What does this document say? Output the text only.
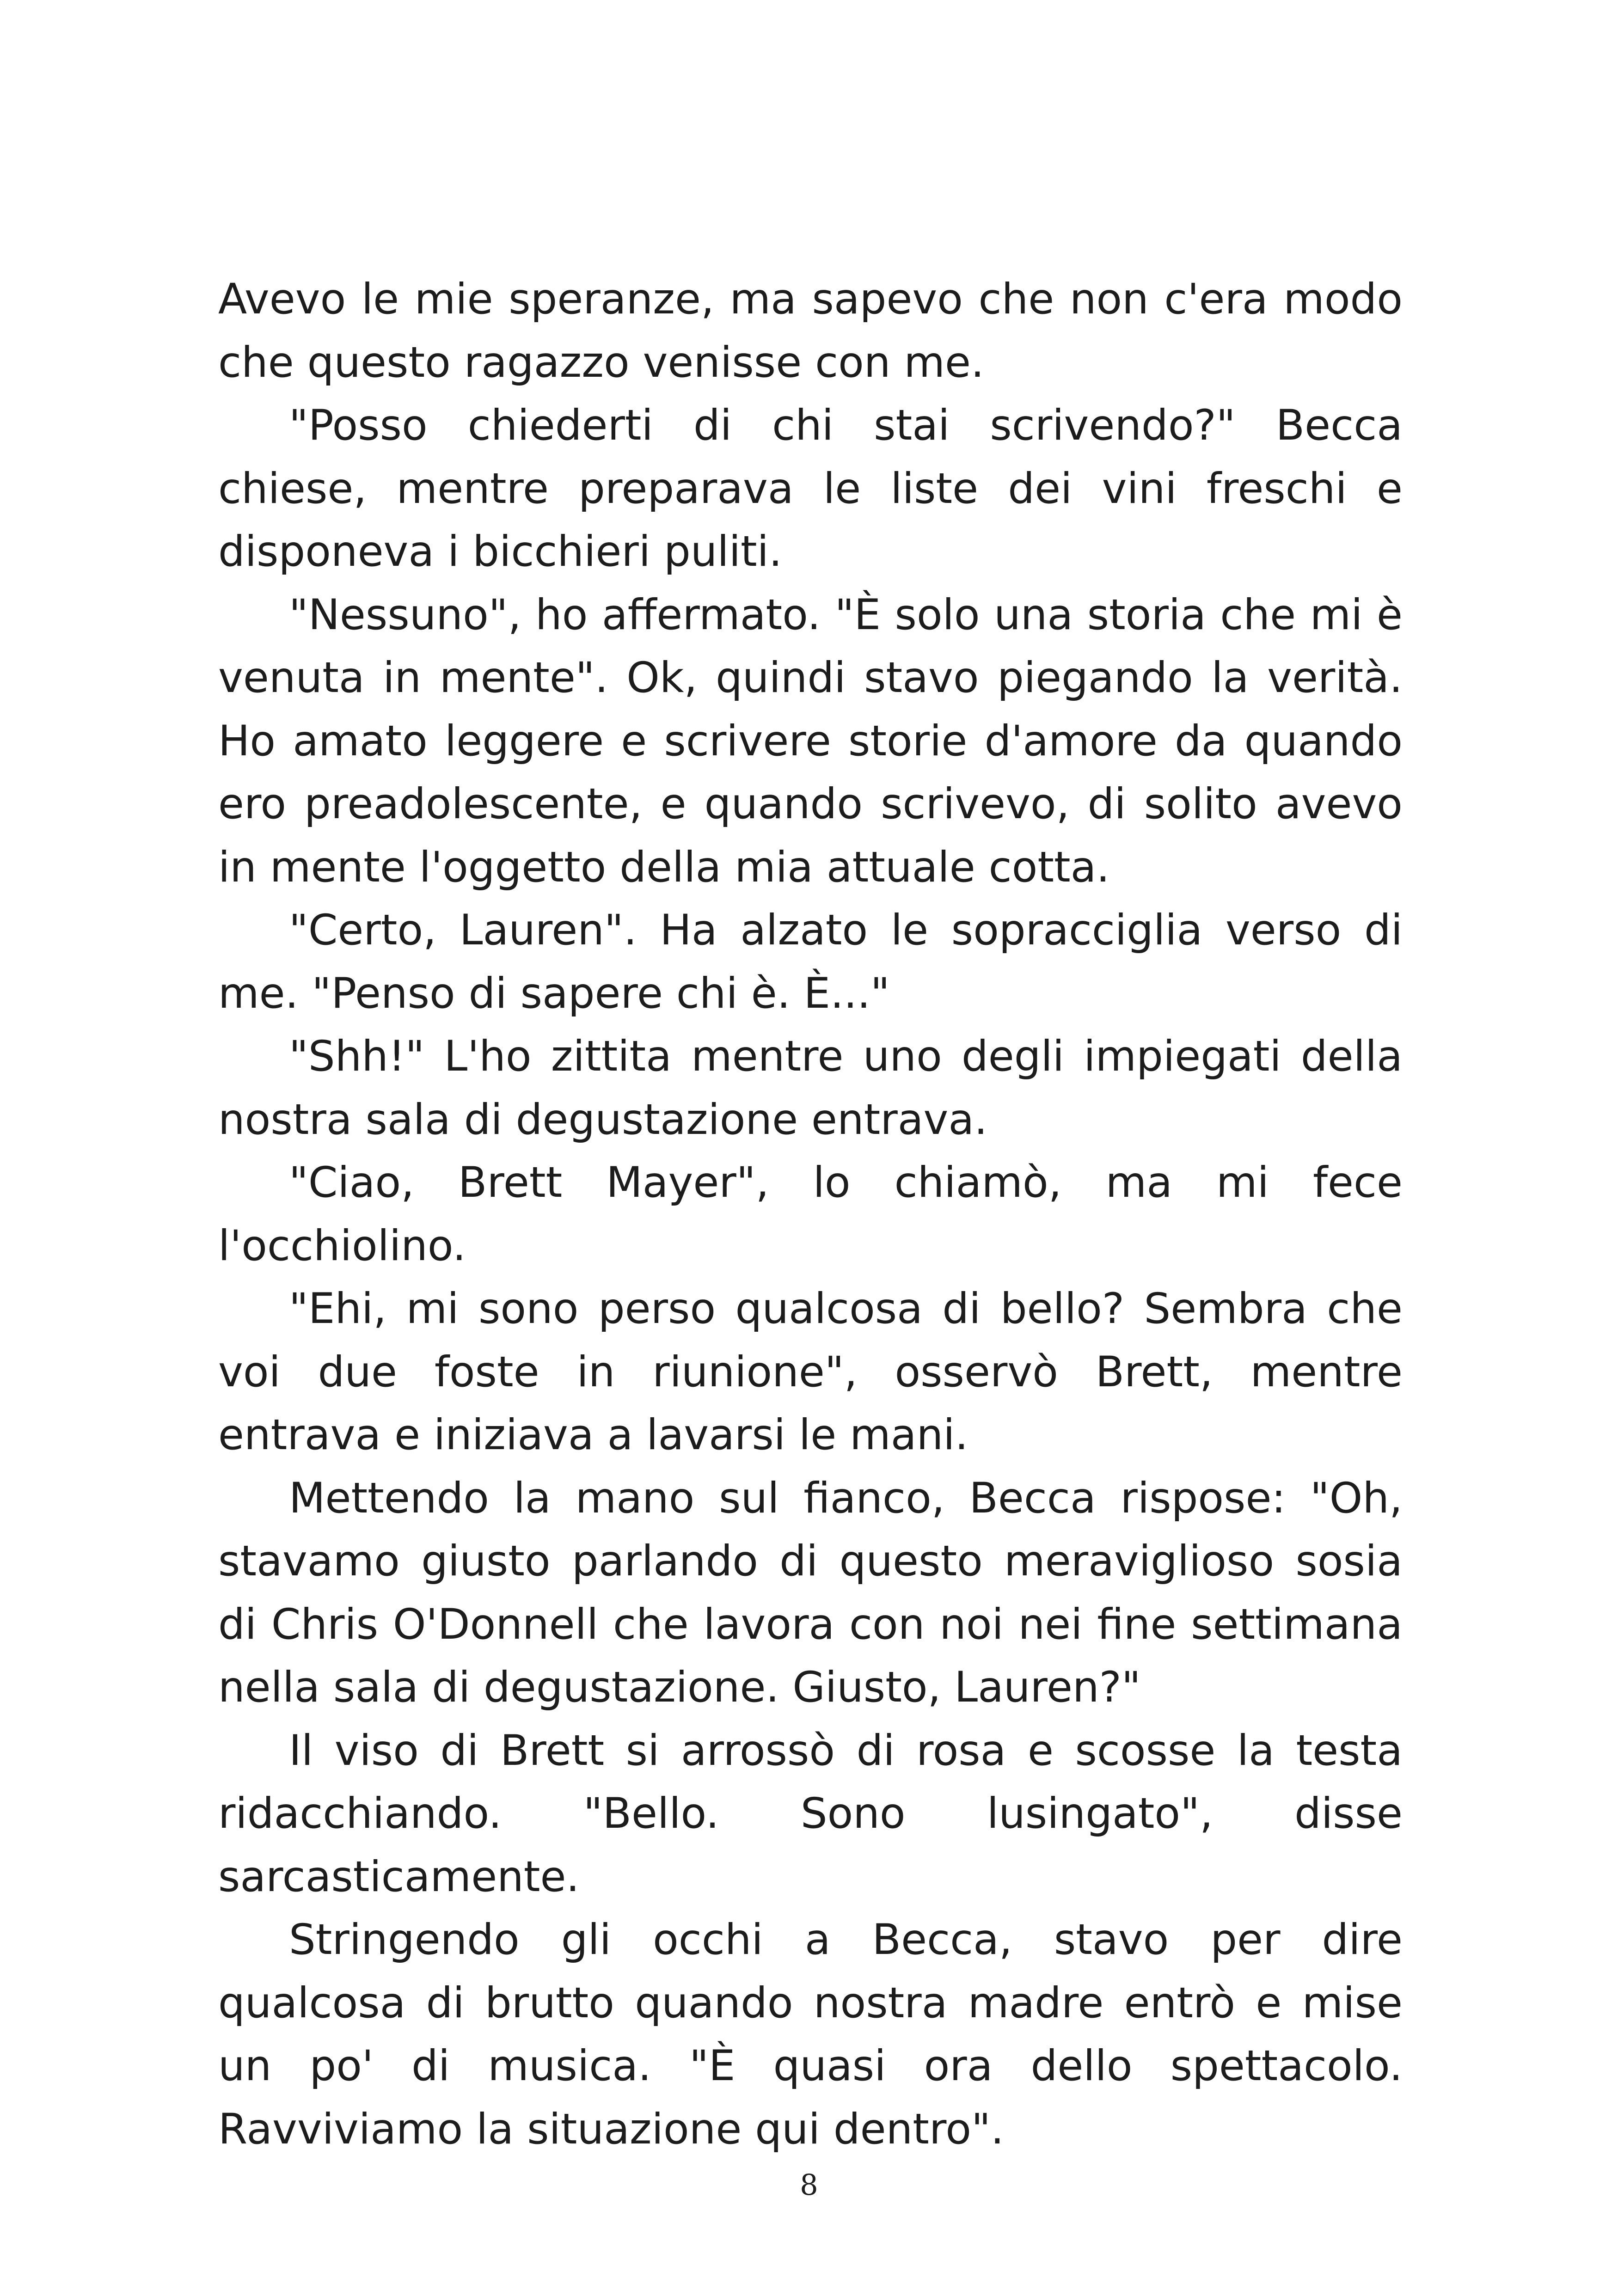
Avevo le mie speranze, ma sapevo che non c'era modo che questo ragazzo venisse con me.

"Posso chiederti di chi stai scrivendo?" Becca chiese, mentre preparava le liste dei vini freschi e disponeva i bicchieri puliti.

"Nessuno", ho affermato. "È solo una storia che mi è venuta in mente". Ok, quindi stavo piegando la verità. Ho amato leggere e scrivere storie d'amore da quando ero preadolescente, e quando scrivevo, di solito avevo in mente l'oggetto della mia attuale cotta.

"Certo, Lauren". Ha alzato le sopracciglia verso di me. "Penso di sapere chi è. È..."

"Shh!" L'ho zittita mentre uno degli impiegati della nostra sala di degustazione entrava.

"Ciao, Brett Mayer", lo chiamò, ma mi fece l'occhiolino.

"Ehi, mi sono perso qualcosa di bello? Sembra che voi due foste in riunione", osservò Brett, mentre entrava e iniziava a lavarsi le mani.

Mettendo la mano sul fianco, Becca rispose: "Oh, stavamo giusto parlando di questo meraviglioso sosia di Chris O'Donnell che lavora con noi nei fine settimana nella sala di degustazione. Giusto, Lauren?"

Il viso di Brett si arrossò di rosa e scosse la testa ridacchiando. "Bello. Sono lusingato", disse sarcasticamente.

Stringendo gli occhi a Becca, stavo per dire qualcosa di brutto quando nostra madre entrò e mise un po' di musica. "È quasi ora dello spettacolo. Ravviviamo la situazione qui dentro".

8
